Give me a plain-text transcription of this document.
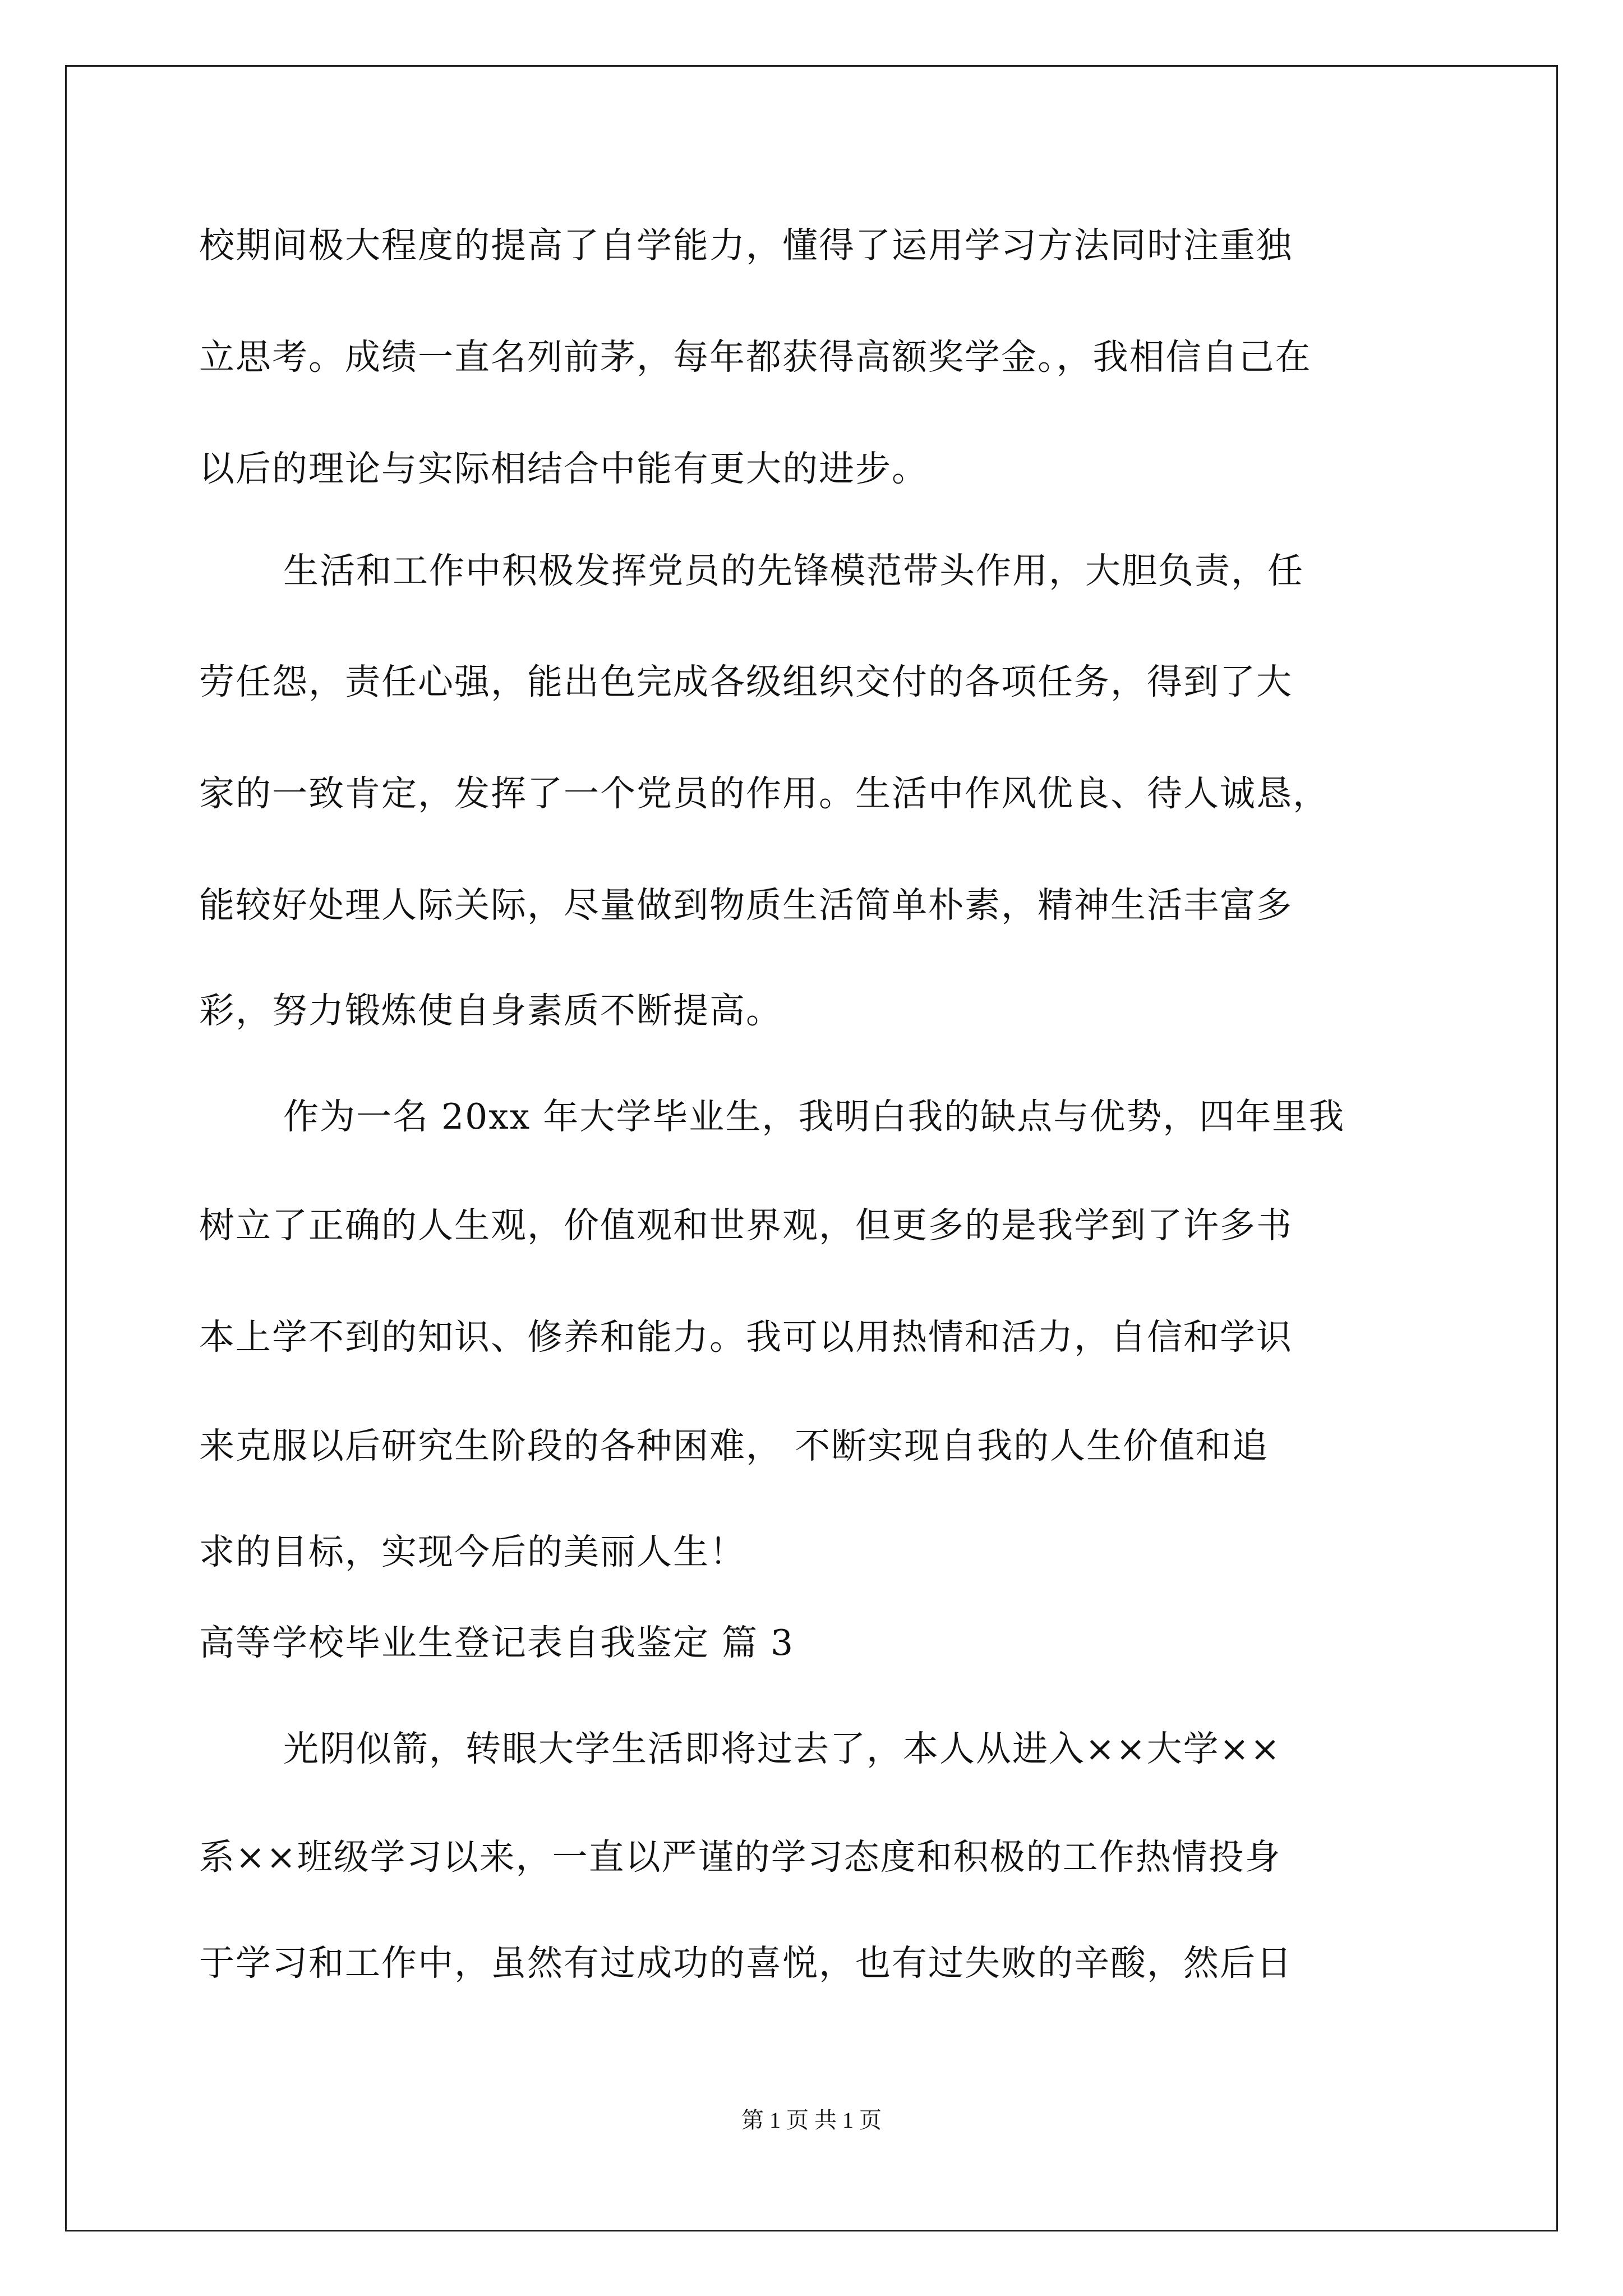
校期间极大程度的提高了自学能力，懂得了运用学习方法同时注重独
立思考。成绩一直名列前茅，每年都获得高额奖学金。，我相信自己在
以后的理论与实际相结合中能有更大的进步。
生活和工作中积极发挥党员的先锋模范带头作用，大胆负责，任
劳任怨，责任心强，能出色完成各级组织交付的各项任务，得到了大
家的一致肯定，发挥了一个党员的作用。生活中作风优良、待人诚恳，
能较好处理人际关际，尽量做到物质生活简单朴素，精神生活丰富多
彩，努力锻炼使自身素质不断提高。
作为一名 20xx 年大学毕业生，我明白我的缺点与优势，四年里我
树立了正确的人生观，价值观和世界观，但更多的是我学到了许多书
本上学不到的知识、修养和能力。我可以用热情和活力，自信和学识
来克服以后研究生阶段的各种困难， 不断实现自我的人生价值和追
求的目标，实现今后的美丽人生！
高等学校毕业生登记表自我鉴定 篇 3
光阴似箭，转眼大学生活即将过去了，本人从进入××大学××
系××班级学习以来，一直以严谨的学习态度和积极的工作热情投身
于学习和工作中，虽然有过成功的喜悦，也有过失败的辛酸，然后日
第 1 页 共 1 页
